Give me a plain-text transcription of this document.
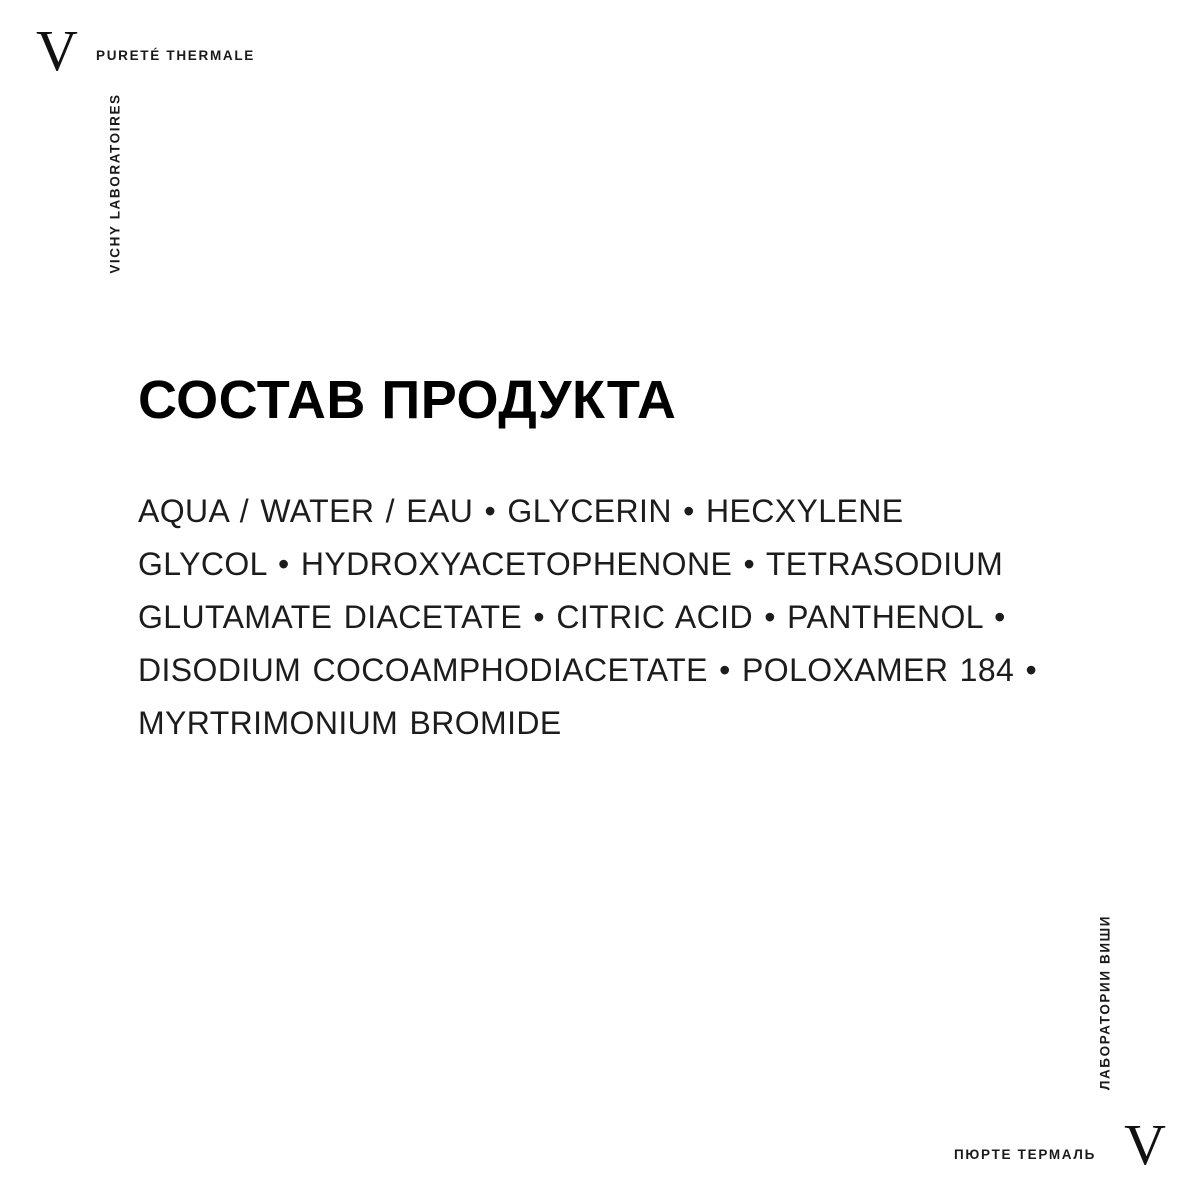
V
VICHY LABORATOIRES
PURETÉ THERMALE
СОСТАВ ПРОДУКТА

AQUA / WATER / EAU • GLYCERIN • HECXYLENE GLYCOL • HYDROXYACETOPHENONE • TETRASODIUM GLUTAMATE DIACETATE • CITRIC ACID • PANTHENOL • DISODIUM COCOAMPHODIACETATE • POLOXAMER 184 • MYRTRIMONIUM BROMIDE

V
ЛАБОРАТОРИИ ВИШИ
ПЮРТЕ ТЕРМАЛЬ
